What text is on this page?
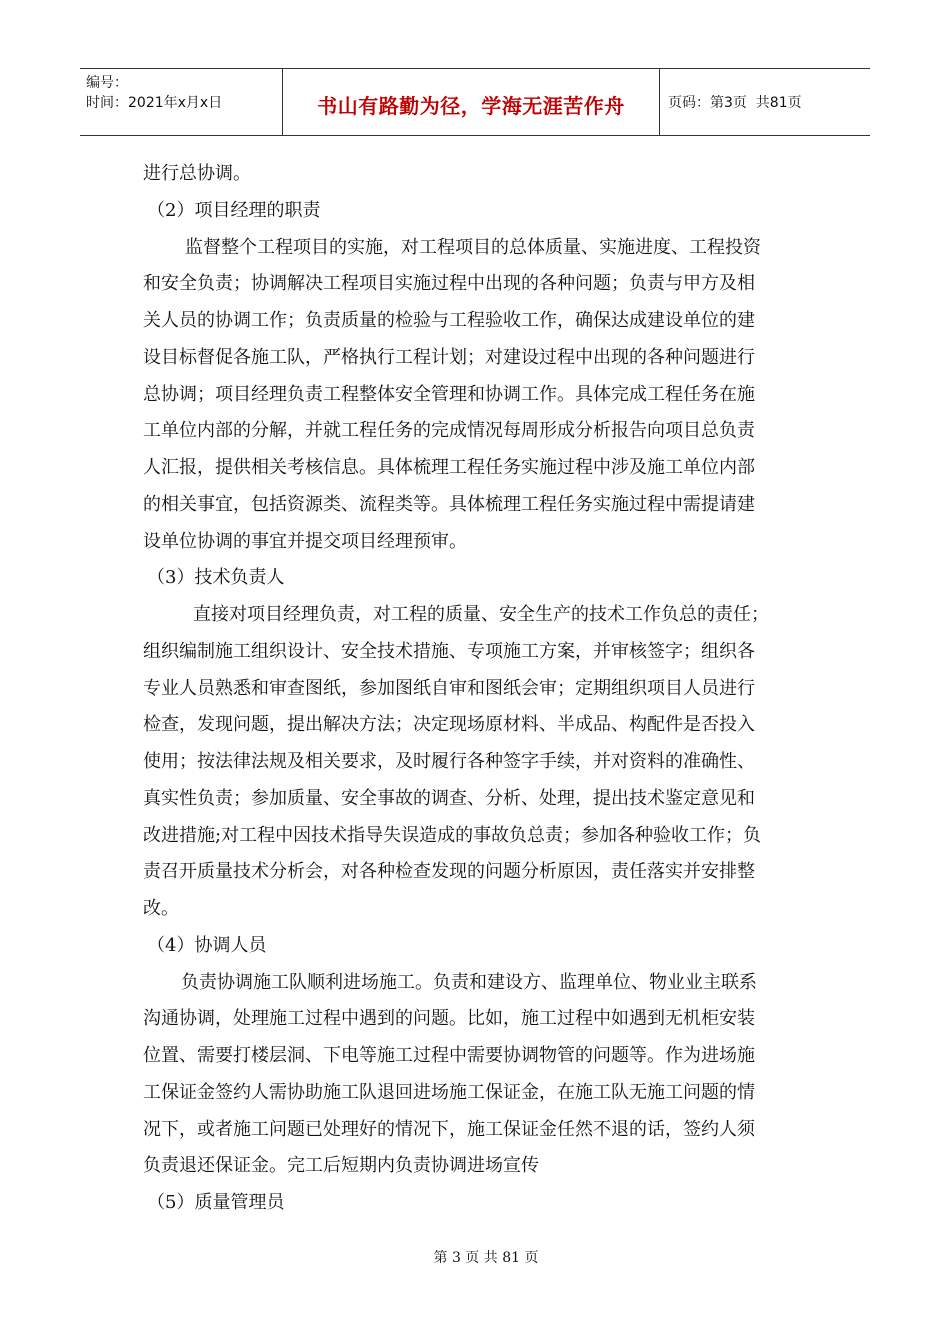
编号：
时间：2021年x月x日	书山有路勤为径，学海无涯苦作舟	页码：第3页  共81页
进行总协调。
（2）项目经理的职责
监督整个工程项目的实施，对工程项目的总体质量、实施进度、工程投资
和安全负责；协调解决工程项目实施过程中出现的各种问题；负责与甲方及相
关人员的协调工作；负责质量的检验与工程验收工作，确保达成建设单位的建
设目标督促各施工队，严格执行工程计划；对建设过程中出现的各种问题进行
总协调；项目经理负责工程整体安全管理和协调工作。具体完成工程任务在施
工单位内部的分解，并就工程任务的完成情况每周形成分析报告向项目总负责
人汇报，提供相关考核信息。具体梳理工程任务实施过程中涉及施工单位内部
的相关事宜，包括资源类、流程类等。具体梳理工程任务实施过程中需提请建
设单位协调的事宜并提交项目经理预审。
（3）技术负责人
直接对项目经理负责，对工程的质量、安全生产的技术工作负总的责任；
组织编制施工组织设计、安全技术措施、专项施工方案，并审核签字；组织各
专业人员熟悉和审查图纸，参加图纸自审和图纸会审；定期组织项目人员进行
检查，发现问题，提出解决方法；决定现场原材料、半成品、构配件是否投入
使用；按法律法规及相关要求，及时履行各种签字手续，并对资料的准确性、
真实性负责；参加质量、安全事故的调查、分析、处理，提出技术鉴定意见和
改进措施;对工程中因技术指导失误造成的事故负总责；参加各种验收工作；负
责召开质量技术分析会，对各种检查发现的问题分析原因，责任落实并安排整
改。
（4）协调人员
负责协调施工队顺利进场施工。负责和建设方、监理单位、物业业主联系
沟通协调，处理施工过程中遇到的问题。比如，施工过程中如遇到无机柜安装
位置、需要打楼层洞、下电等施工过程中需要协调物管的问题等。作为进场施
工保证金签约人需协助施工队退回进场施工保证金，在施工队无施工问题的情
况下，或者施工问题已处理好的情况下，施工保证金任然不退的话，签约人须
负责退还保证金。完工后短期内负责协调进场宣传
（5）质量管理员
第 3 页 共 81 页
